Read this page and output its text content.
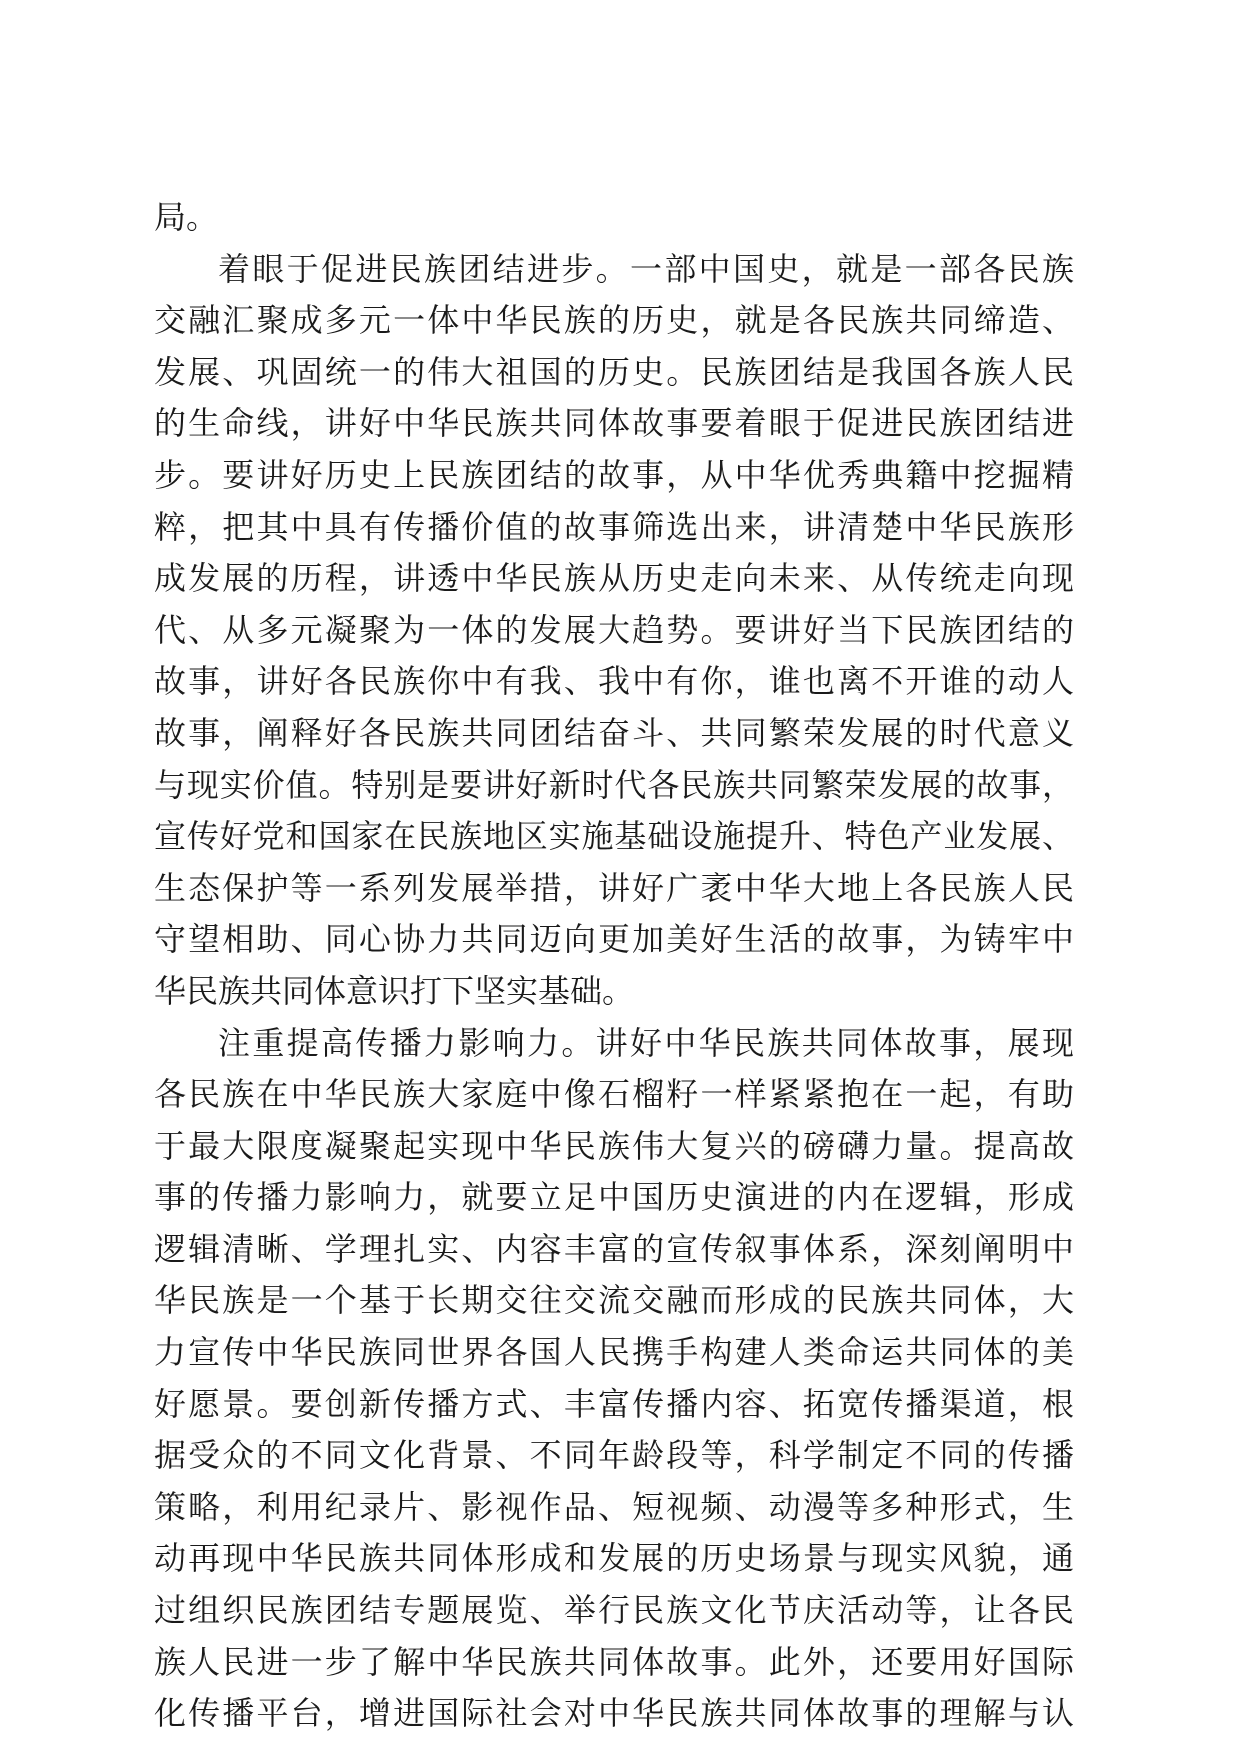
局。
着眼于促进民族团结进步。一部中国史，就是一部各民族
交融汇聚成多元一体中华民族的历史，就是各民族共同缔造、
发展、巩固统一的伟大祖国的历史。民族团结是我国各族人民
的生命线，讲好中华民族共同体故事要着眼于促进民族团结进
步。要讲好历史上民族团结的故事，从中华优秀典籍中挖掘精
粹，把其中具有传播价值的故事筛选出来，讲清楚中华民族形
成发展的历程，讲透中华民族从历史走向未来、从传统走向现
代、从多元凝聚为一体的发展大趋势。要讲好当下民族团结的
故事，讲好各民族你中有我、我中有你，谁也离不开谁的动人
故事，阐释好各民族共同团结奋斗、共同繁荣发展的时代意义
与现实价值。特别是要讲好新时代各民族共同繁荣发展的故事，
宣传好党和国家在民族地区实施基础设施提升、特色产业发展、
生态保护等一系列发展举措，讲好广袤中华大地上各民族人民
守望相助、同心协力共同迈向更加美好生活的故事，为铸牢中
华民族共同体意识打下坚实基础。
注重提高传播力影响力。讲好中华民族共同体故事，展现
各民族在中华民族大家庭中像石榴籽一样紧紧抱在一起，有助
于最大限度凝聚起实现中华民族伟大复兴的磅礴力量。提高故
事的传播力影响力，就要立足中国历史演进的内在逻辑，形成
逻辑清晰、学理扎实、内容丰富的宣传叙事体系，深刻阐明中
华民族是一个基于长期交往交流交融而形成的民族共同体，大
力宣传中华民族同世界各国人民携手构建人类命运共同体的美
好愿景。要创新传播方式、丰富传播内容、拓宽传播渠道，根
据受众的不同文化背景、不同年龄段等，科学制定不同的传播
策略，利用纪录片、影视作品、短视频、动漫等多种形式，生
动再现中华民族共同体形成和发展的历史场景与现实风貌，通
过组织民族团结专题展览、举行民族文化节庆活动等，让各民
族人民进一步了解中华民族共同体故事。此外，还要用好国际
化传播平台，增进国际社会对中华民族共同体故事的理解与认
